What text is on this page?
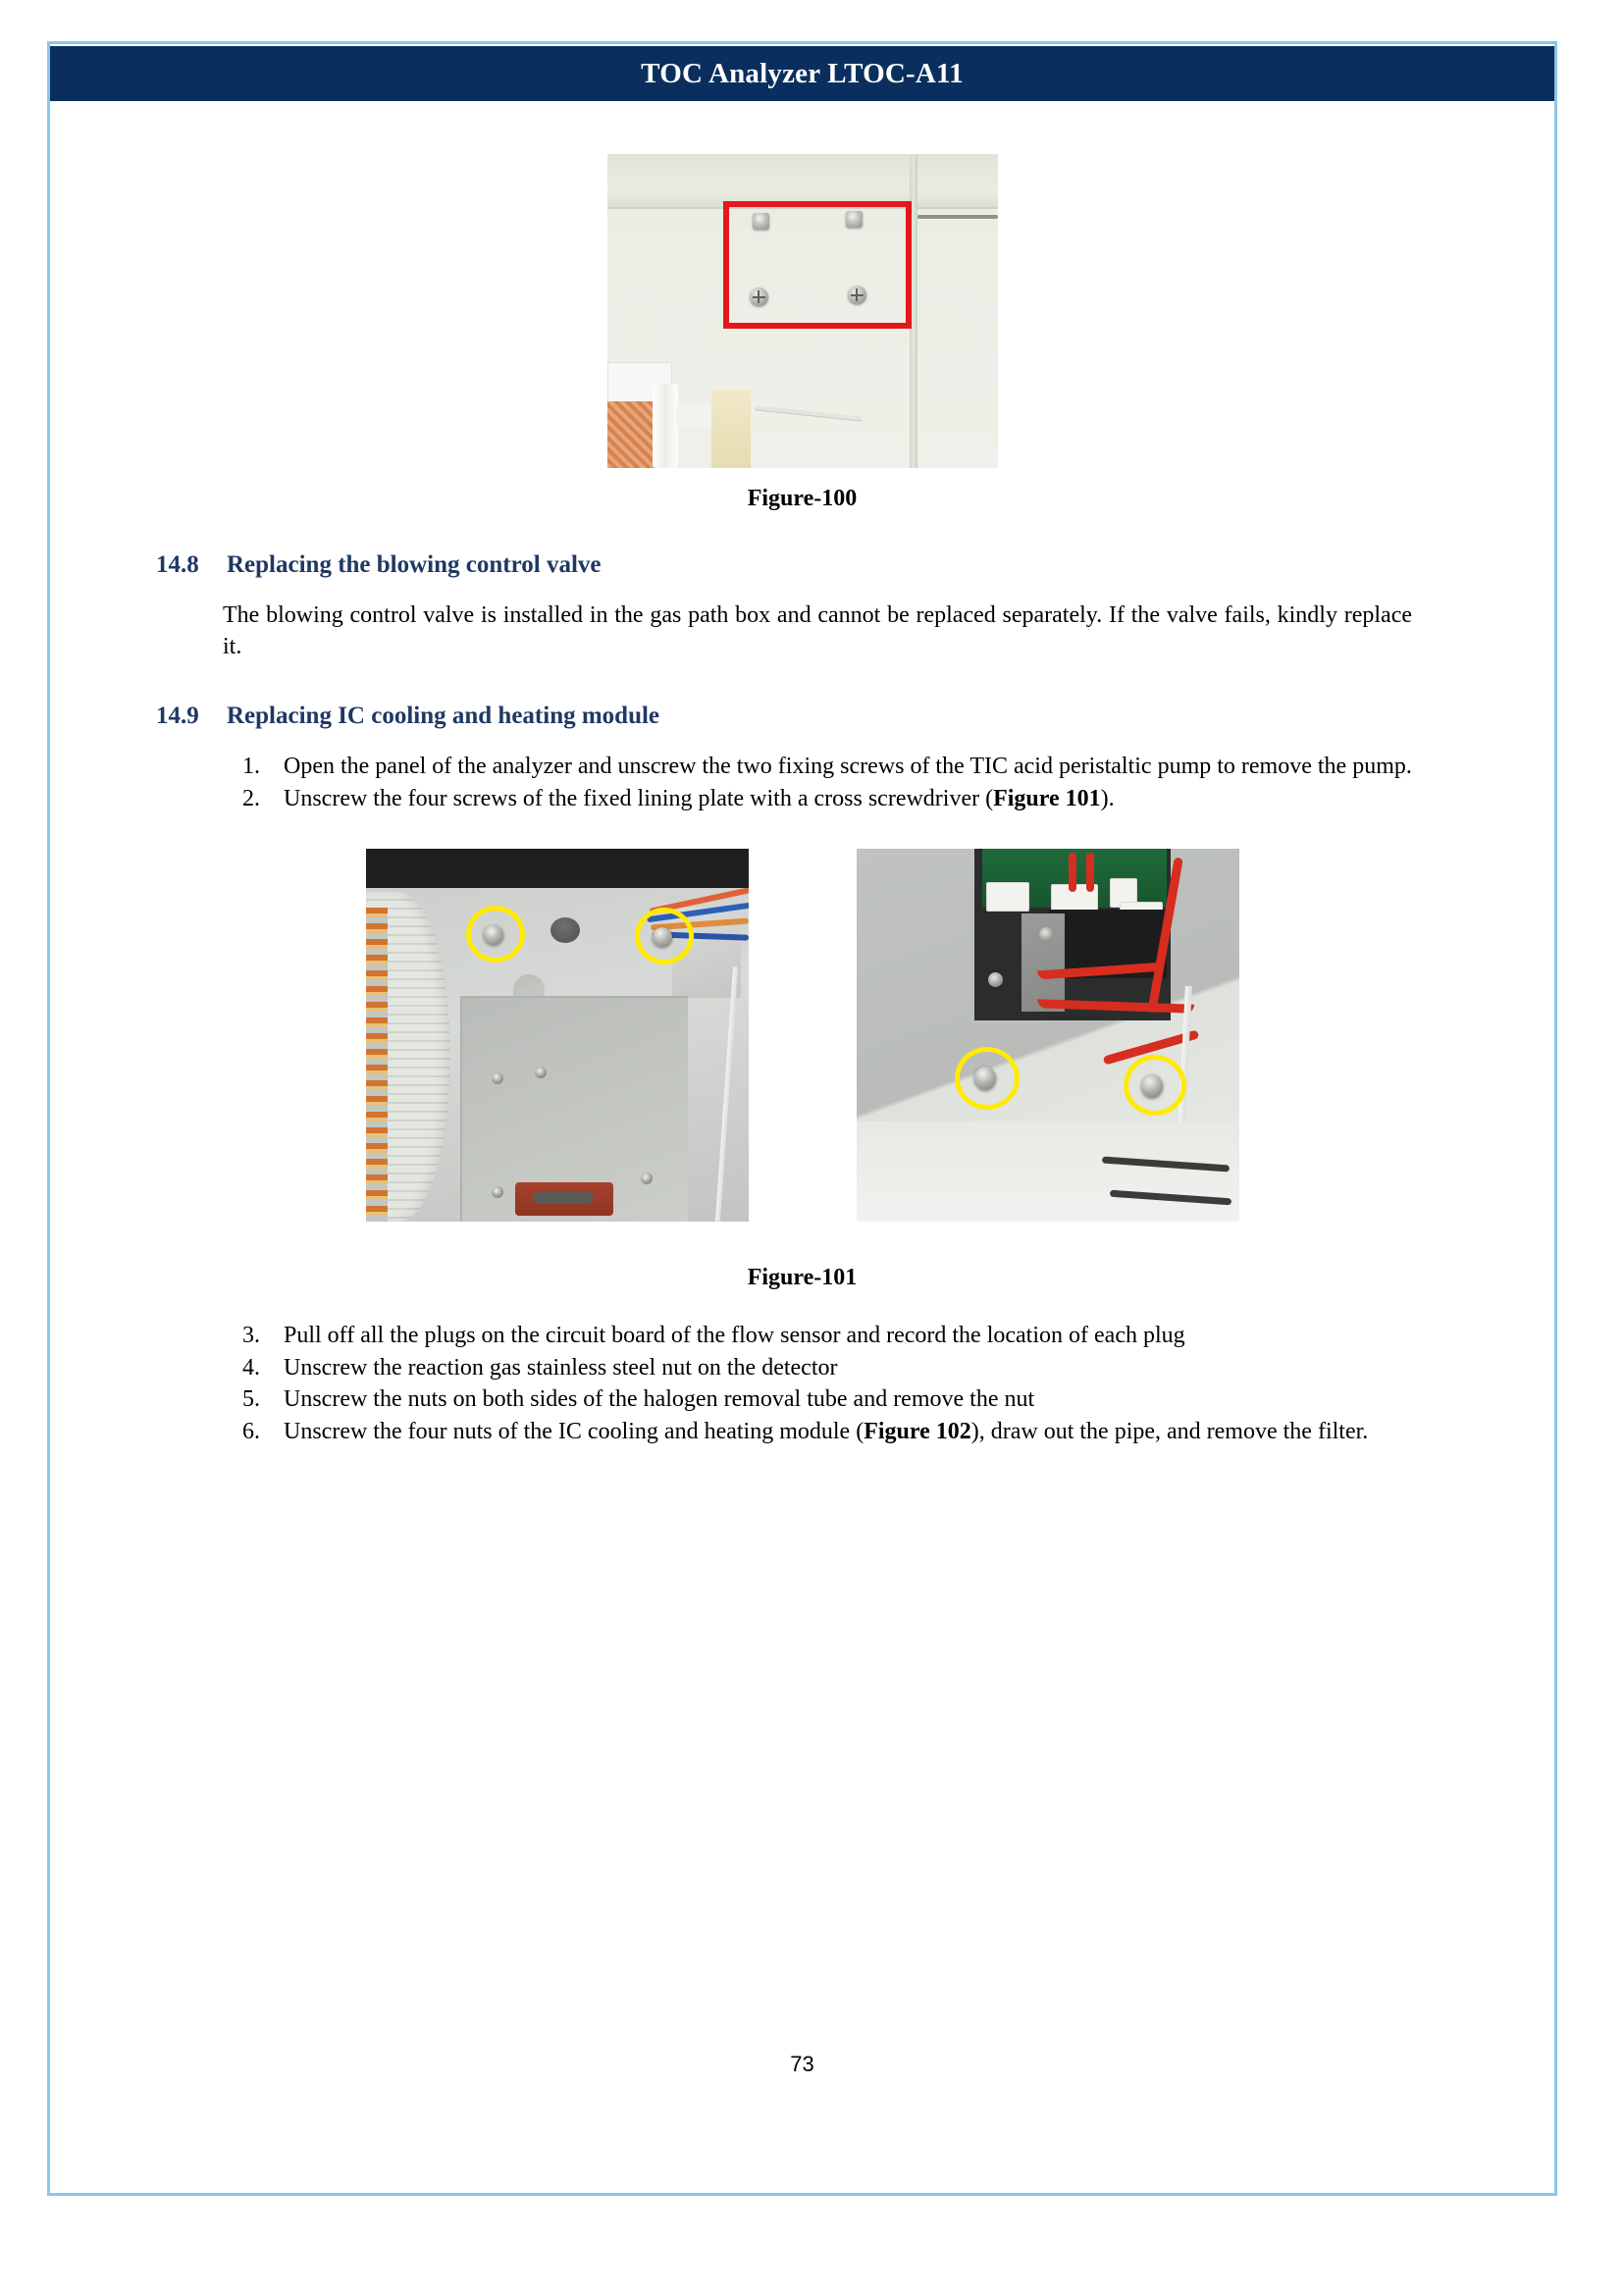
TOC Analyzer LTOC-A11
Figure-100
14.8	Replacing the blowing control valve
The blowing control valve is installed in the gas path box and cannot be replaced separately. If the valve fails, kindly replace it.
14.9	Replacing IC cooling and heating module
1. Open the panel of the analyzer and unscrew the two fixing screws of the TIC acid peristaltic pump to remove the pump.
2. Unscrew the four screws of the fixed lining plate with a cross screwdriver (Figure 101).
Figure-101
3. Pull off all the plugs on the circuit board of the flow sensor and record the location of each plug
4. Unscrew the reaction gas stainless steel nut on the detector
5. Unscrew the nuts on both sides of the halogen removal tube and remove the nut
6. Unscrew the four nuts of the IC cooling and heating module (Figure 102), draw out the pipe, and remove the filter.
73
